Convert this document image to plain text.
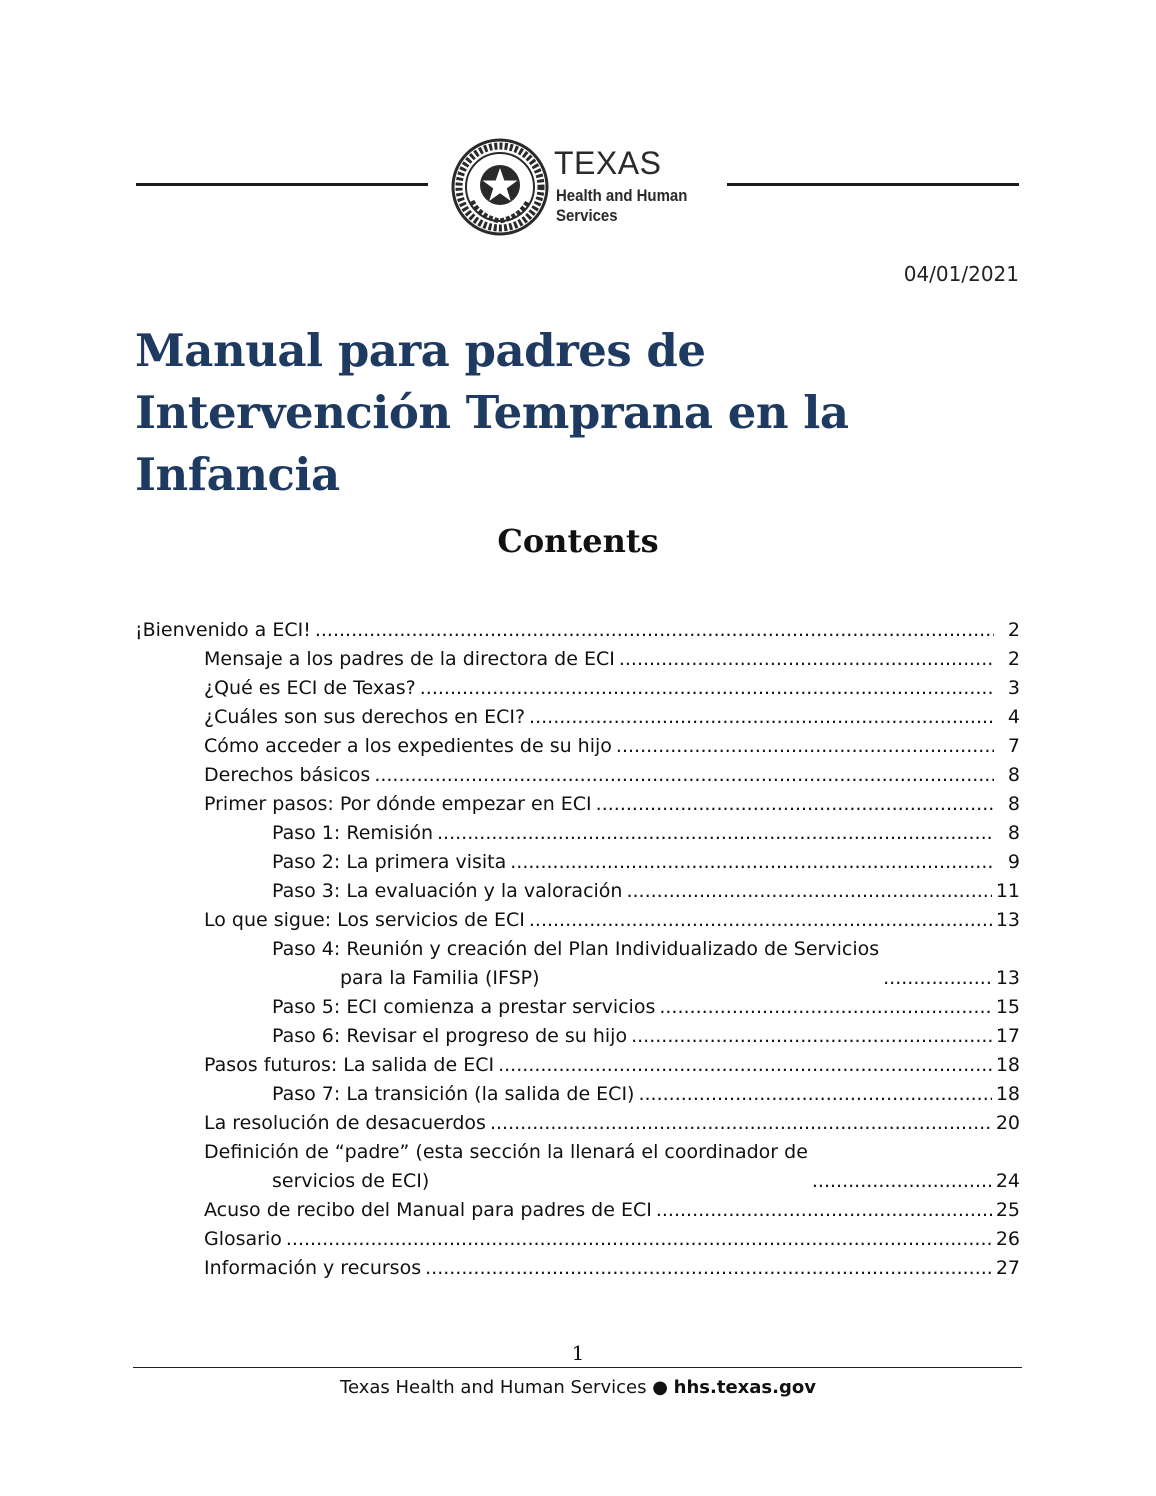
TEXAS
Health and Human
Services
04/01/2021
Manual para padres de Intervención Temprana en la Infancia
Contents
¡Bienvenido a ECI! .....	2
Mensaje a los padres de la directora de ECI .....	2
¿Qué es ECI de Texas? .....	3
¿Cuáles son sus derechos en ECI? .....	4
Cómo acceder a los expedientes de su hijo .....	7
Derechos básicos .....	8
Primer pasos: Por dónde empezar en ECI .....	8
Paso 1: Remisión .....	8
Paso 2: La primera visita .....	9
Paso 3: La evaluación y la valoración .....	11
Lo que sigue: Los servicios de ECI .....	13
Paso 4: Reunión y creación del Plan Individualizado de Servicios
para la Familia (IFSP) .....	13
Paso 5: ECI comienza a prestar servicios .....	15
Paso 6: Revisar el progreso de su hijo .....	17
Pasos futuros: La salida de ECI .....	18
Paso 7: La transición (la salida de ECI) .....	18
La resolución de desacuerdos .....	20
Definición de “padre” (esta sección la llenará el coordinador de
servicios de ECI) .....	24
Acuso de recibo del Manual para padres de ECI .....	25
Glosario .....	26
Información y recursos .....	27
1
Texas Health and Human Services ● hhs.texas.gov
